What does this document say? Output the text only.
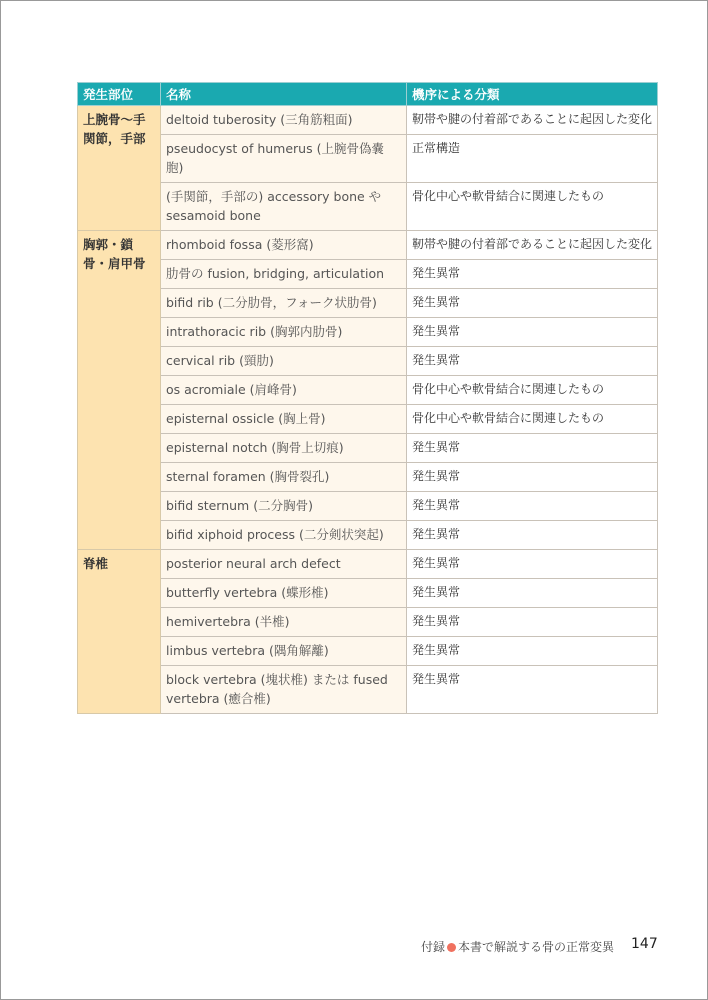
発生部位	名称	機序による分類
上腕骨〜手関節，手部	deltoid tuberosity (三角筋粗面)	靭帯や腱の付着部であることに起因した変化
	pseudocyst of humerus (上腕骨偽嚢胞)	正常構造
	(手関節，手部の) accessory bone や sesamoid bone	骨化中心や軟骨結合に関連したもの
胸郭・鎖骨・肩甲骨	rhomboid fossa (菱形窩)	靭帯や腱の付着部であることに起因した変化
	肋骨の fusion, bridging, articulation	発生異常
	bifid rib (二分肋骨，フォーク状肋骨)	発生異常
	intrathoracic rib (胸郭内肋骨)	発生異常
	cervical rib (頸肋)	発生異常
	os acromiale (肩峰骨)	骨化中心や軟骨結合に関連したもの
	episternal ossicle (胸上骨)	骨化中心や軟骨結合に関連したもの
	episternal notch (胸骨上切痕)	発生異常
	sternal foramen (胸骨裂孔)	発生異常
	bifid sternum (二分胸骨)	発生異常
	bifid xiphoid process (二分剣状突起)	発生異常
脊椎	posterior neural arch defect	発生異常
	butterfly vertebra (蝶形椎)	発生異常
	hemivertebra (半椎)	発生異常
	limbus vertebra (隅角解離)	発生異常
	block vertebra (塊状椎) または fused vertebra (癒合椎)	発生異常
付録 本書で解説する骨の正常変異 147
